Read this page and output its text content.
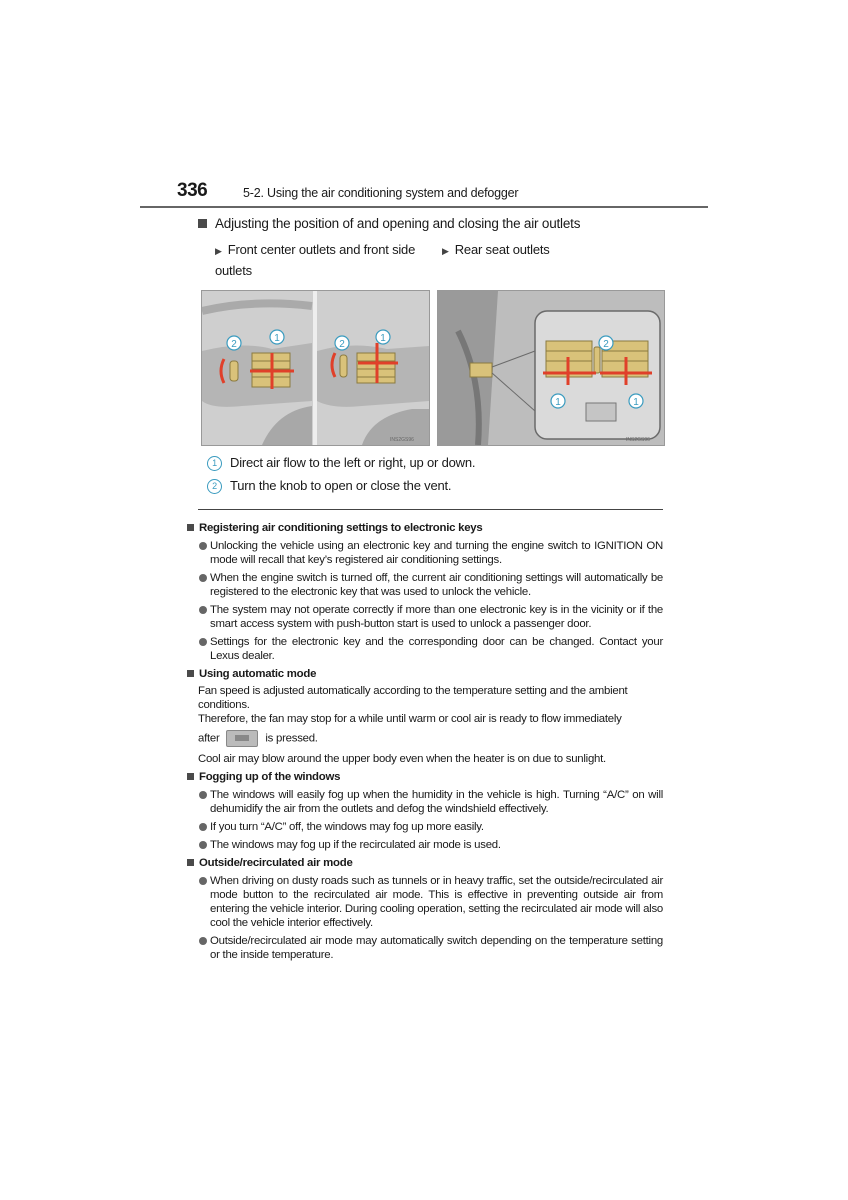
336	5-2. Using the air conditioning system and defogger
Adjusting the position of and opening and closing the air outlets
▶ Front center outlets and front side outlets
▶ Rear seat outlets
2
1
2
1
INS2GS96
2
1	1
INS2GS96
1 Direct air flow to the left or right, up or down.
2 Turn the knob to open or close the vent.
Registering air conditioning settings to electronic keys
Unlocking the vehicle using an electronic key and turning the engine switch to IGNITION ON mode will recall that key’s registered air conditioning settings.
When the engine switch is turned off, the current air conditioning settings will automatically be registered to the electronic key that was used to unlock the vehicle.
The system may not operate correctly if more than one electronic key is in the vicinity or if the smart access system with push-button start is used to unlock a passenger door.
Settings for the electronic key and the corresponding door can be changed. Contact your Lexus dealer.
Using automatic mode
Fan speed is adjusted automatically according to the temperature setting and the ambient conditions.
Therefore, the fan may stop for a while until warm or cool air is ready to flow immediately
after	is pressed.
Cool air may blow around the upper body even when the heater is on due to sunlight.
Fogging up of the windows
The windows will easily fog up when the humidity in the vehicle is high. Turning “A/C” on will dehumidify the air from the outlets and defog the windshield effectively.
If you turn “A/C” off, the windows may fog up more easily.
The windows may fog up if the recirculated air mode is used.
Outside/recirculated air mode
When driving on dusty roads such as tunnels or in heavy traffic, set the outside/recirculated air mode button to the recirculated air mode. This is effective in preventing outside air from entering the vehicle interior. During cooling operation, setting the recirculated air mode will also cool the vehicle interior effectively.
Outside/recirculated air mode may automatically switch depending on the temperature setting or the inside temperature.
